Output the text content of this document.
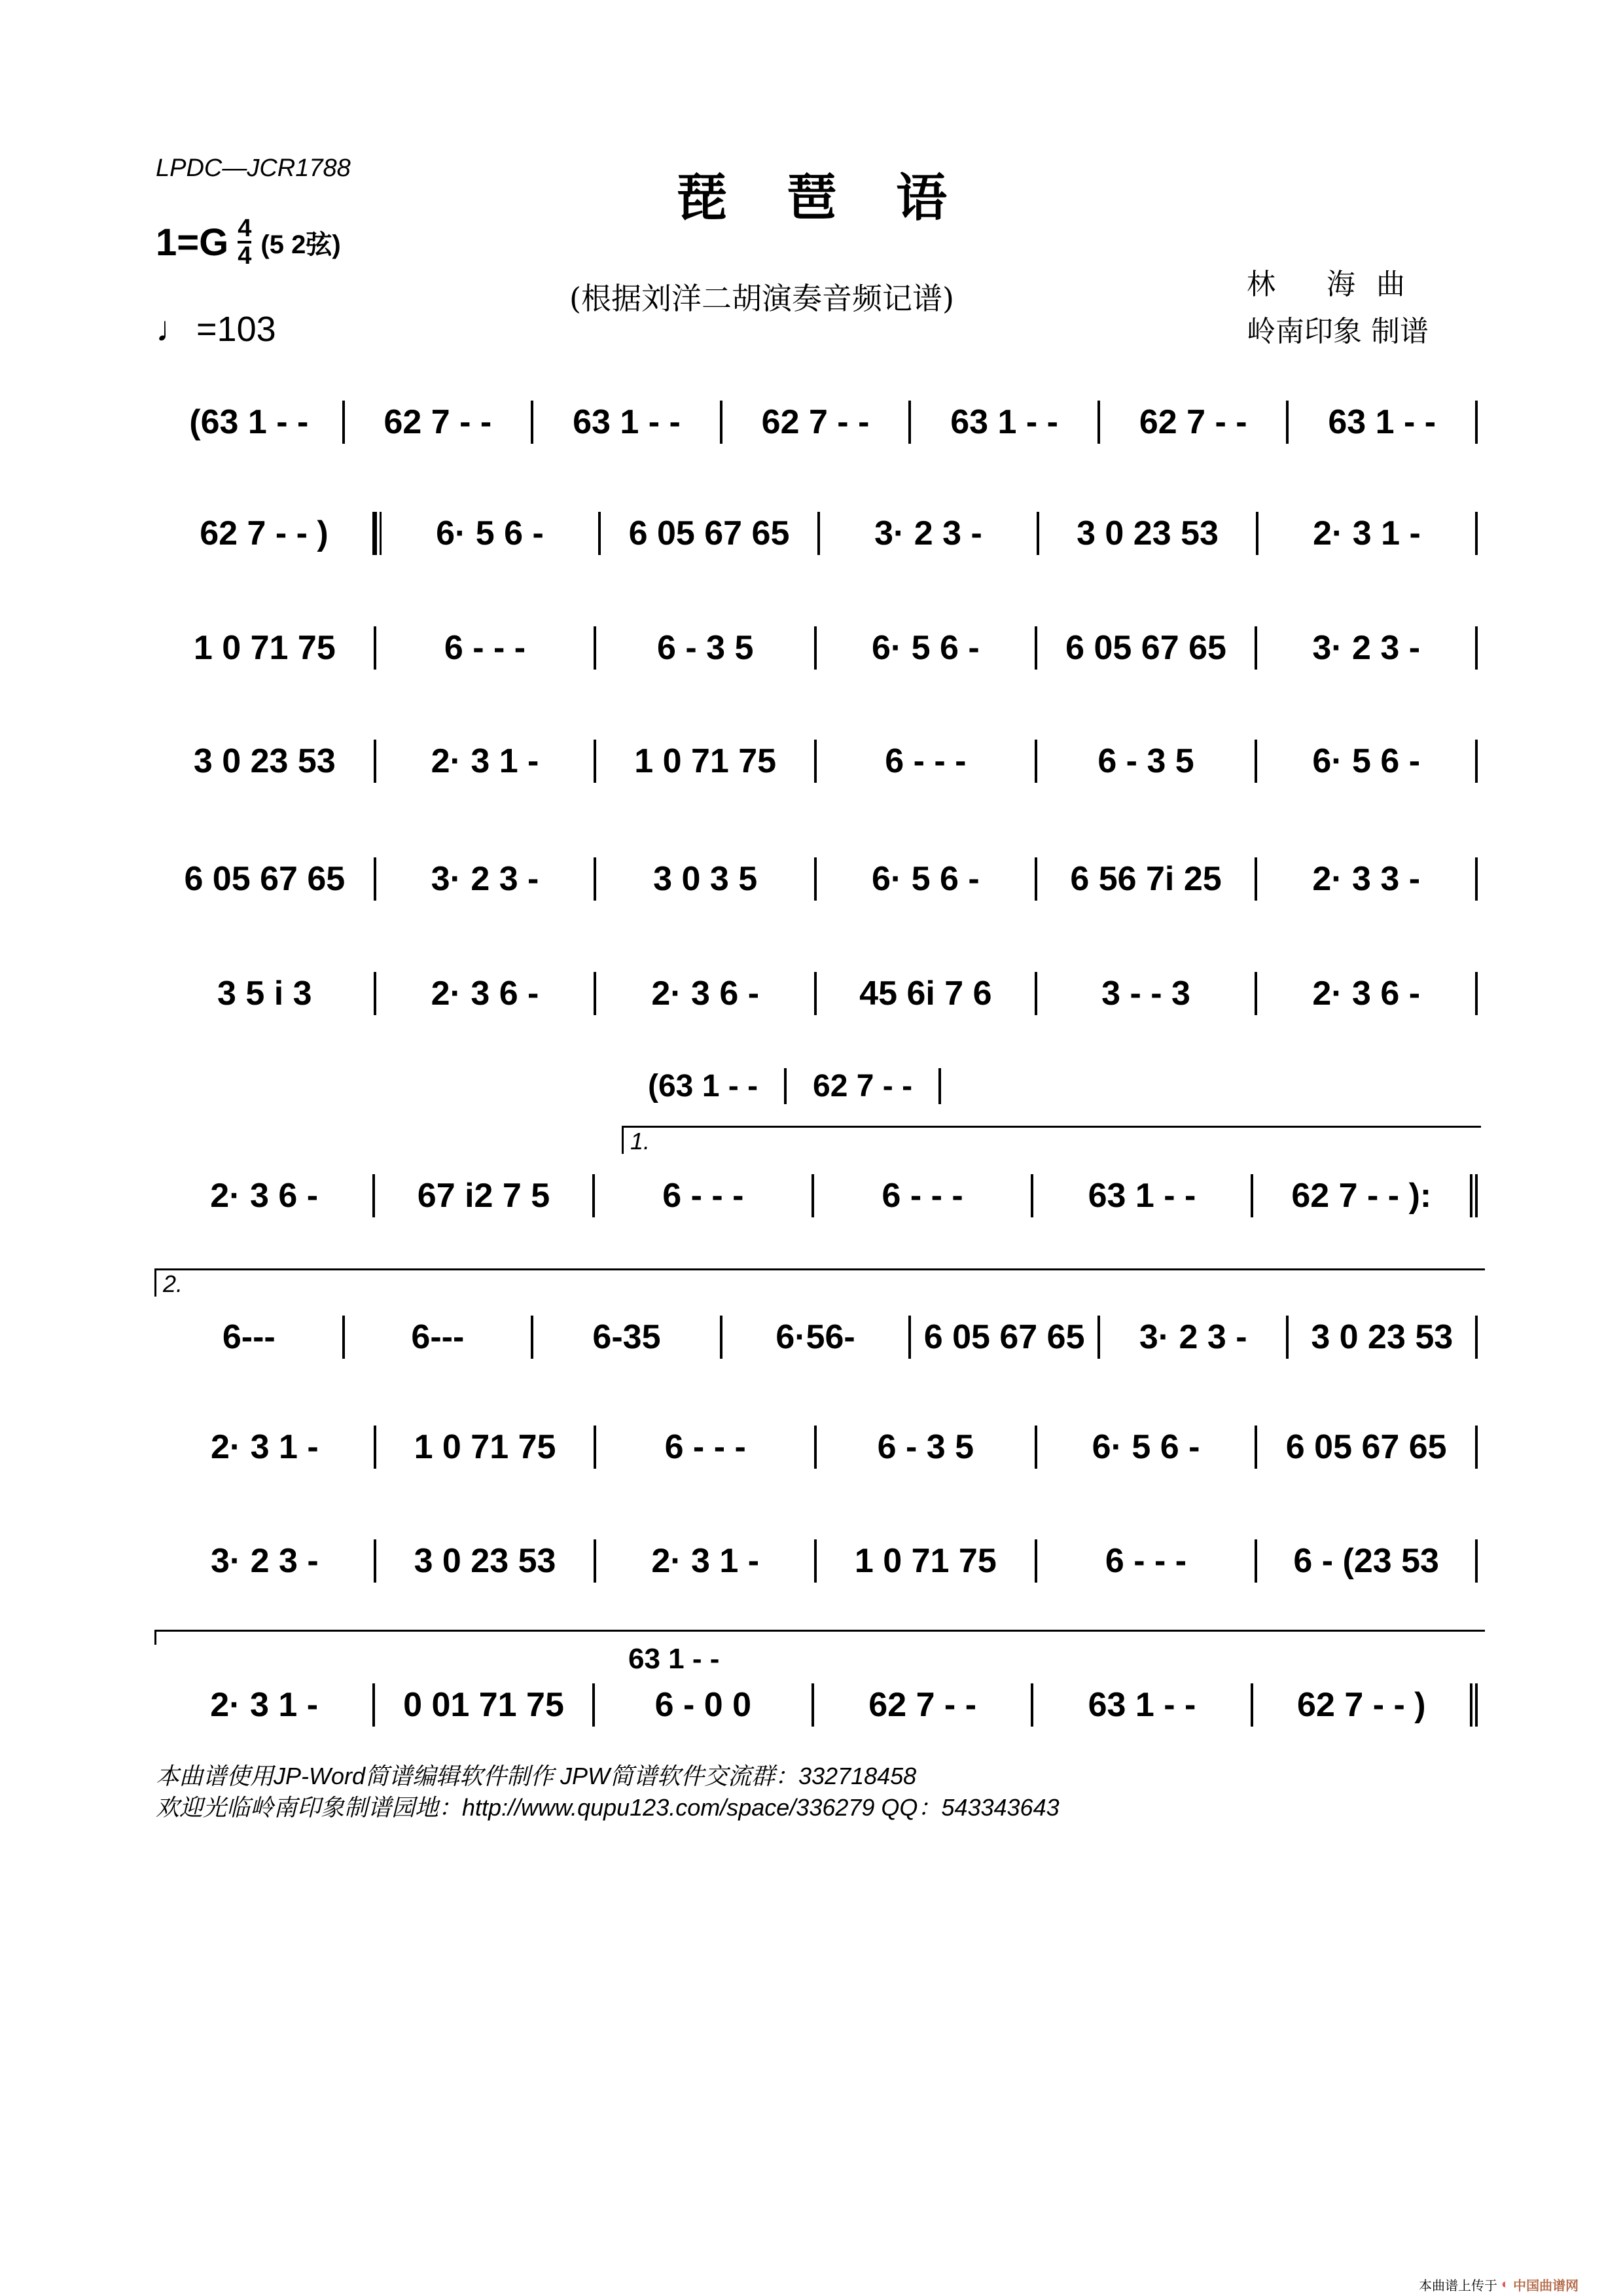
LPDC—JCR1788	琵琶语
$1=G \frac{4}{4} (5$ 2弦)
♩ =103
(根据刘洋二胡演奏音频记谱)	林 海曲
岭南印象 制谱
(63 1 - -	62 7 - -	63 1 - -	62 7 - -	63 1 - -	62 7 - -	63 1 - -
62 7 - - )	6· 5 6 -	6 05 67 65	3· 2 3 -	3 0 23 53	2· 3 1 -
1 0 71 75	6 - - -	6 - 3 5	6· 5 6 -	6 05 67 65	3· 2 3 -
3 0 23 53	2· 3 1 -	1 0 71 75	6 - - -	6 - 3 5	6· 5 6 -
6 05 67 65	3· 2 3 -	3 0 3 5	6· 5 6 -	6 56 7i 25	2· 3 3 -
3 5 i 3	2· 3 6 -	2· 3 6 -	45 6i 7 6	3 - - 3	2· 3 6 -
2· 3 6 -	67 i2 7 5	6 - - -	6 - - -	63 1 - -	62 7 - - ):
6---	6---	6-35	6·56-	6 05 67 65	3· 2 3 -	3 0 23 53
2· 3 1 -	1 0 71 75	6 - - -	6 - 3 5	6· 5 6 -	6 05 67 65
3· 2 3 -	3 0 23 53	2· 3 1 -	1 0 71 75	6 - - -	6 - (23 53
2· 3 1 -	0 01 71 75	6 - 0 0	62 7 - -	63 1 - -	62 7 - - )
(63 1 - -	62 7 - -
1.
2.
63 1 - -
本曲谱使用JP-Word简谱编辑软件制作 JPW简谱软件交流群：332718458
欢迎光临岭南印象制谱园地：http://www.qupu123.com/space/336279 QQ：543343643
本曲谱上传于 ◐ 中国曲谱网
